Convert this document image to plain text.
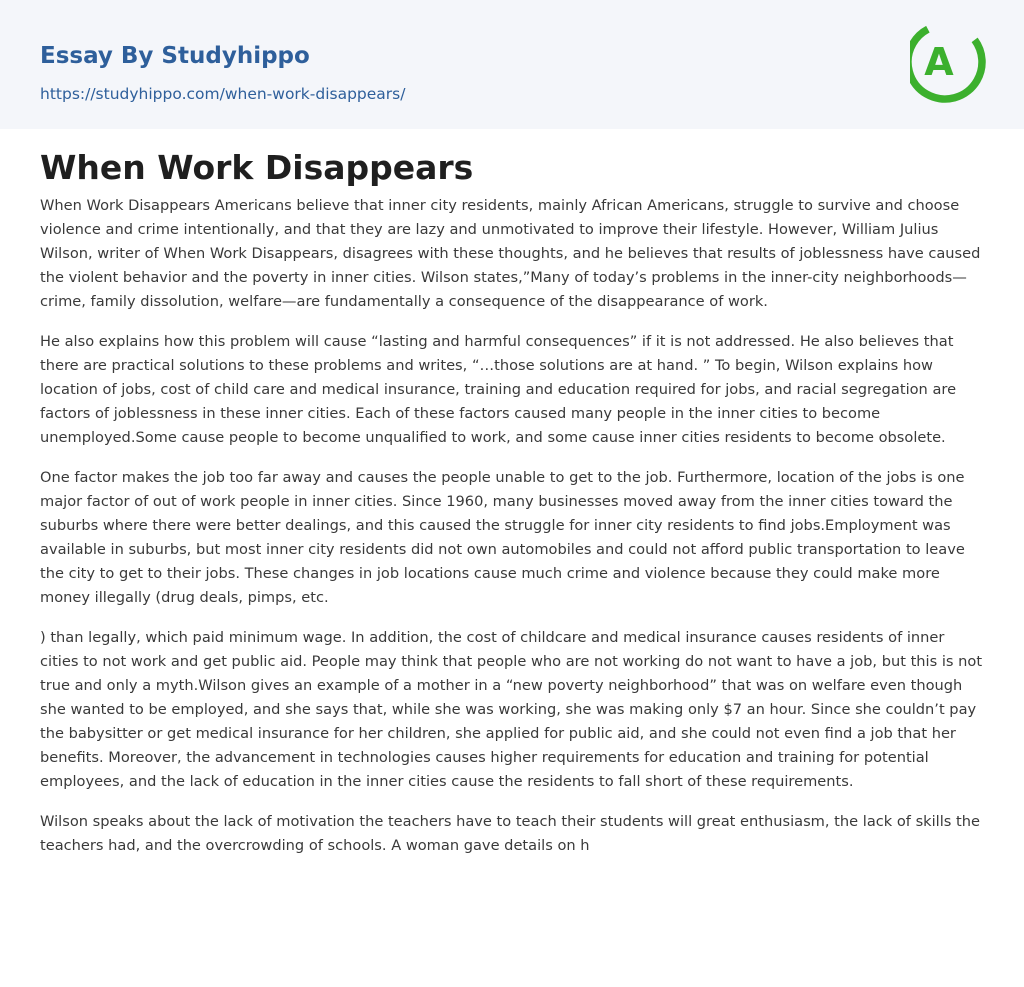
Essay By Studyhippo
https://studyhippo.com/when-work-disappears/
A
When Work Disappears

When Work Disappears Americans believe that inner city residents, mainly African Americans, struggle to survive and choose violence and crime intentionally, and that they are lazy and unmotivated to improve their lifestyle. However, William Julius Wilson, writer of When Work Disappears, disagrees with these thoughts, and he believes that results of joblessness have caused the violent behavior and the poverty in inner cities. Wilson states,”Many of today’s problems in the inner-city neighborhoods—crime, family dissolution, welfare—are fundamentally a consequence of the disappearance of work.

He also explains how this problem will cause “lasting and harmful consequences” if it is not addressed. He also believes that there are practical solutions to these problems and writes, “…those solutions are at hand. ” To begin, Wilson explains how location of jobs, cost of child care and medical insurance, training and education required for jobs, and racial segregation are factors of joblessness in these inner cities. Each of these factors caused many people in the inner cities to become unemployed.Some cause people to become unqualified to work, and some cause inner cities residents to become obsolete.

One factor makes the job too far away and causes the people unable to get to the job. Furthermore, location of the jobs is one major factor of out of work people in inner cities. Since 1960, many businesses moved away from the inner cities toward the suburbs where there were better dealings, and this caused the struggle for inner city residents to find jobs.Employment was available in suburbs, but most inner city residents did not own automobiles and could not afford public transportation to leave the city to get to their jobs. These changes in job locations cause much crime and violence because they could make more money illegally (drug deals, pimps, etc.

) than legally, which paid minimum wage. In addition, the cost of childcare and medical insurance causes residents of inner cities to not work and get public aid. People may think that people who are not working do not want to have a job, but this is not true and only a myth.Wilson gives an example of a mother in a “new poverty neighborhood” that was on welfare even though she wanted to be employed, and she says that, while she was working, she was making only $7 an hour. Since she couldn’t pay the babysitter or get medical insurance for her children, she applied for public aid, and she could not even find a job that her benefits. Moreover, the advancement in technologies causes higher requirements for education and training for potential employees, and the lack of education in the inner cities cause the residents to fall short of these requirements.

Wilson speaks about the lack of motivation the teachers have to teach their students will great enthusiasm, the lack of skills the teachers had, and the overcrowding of schools. A woman gave details on h
